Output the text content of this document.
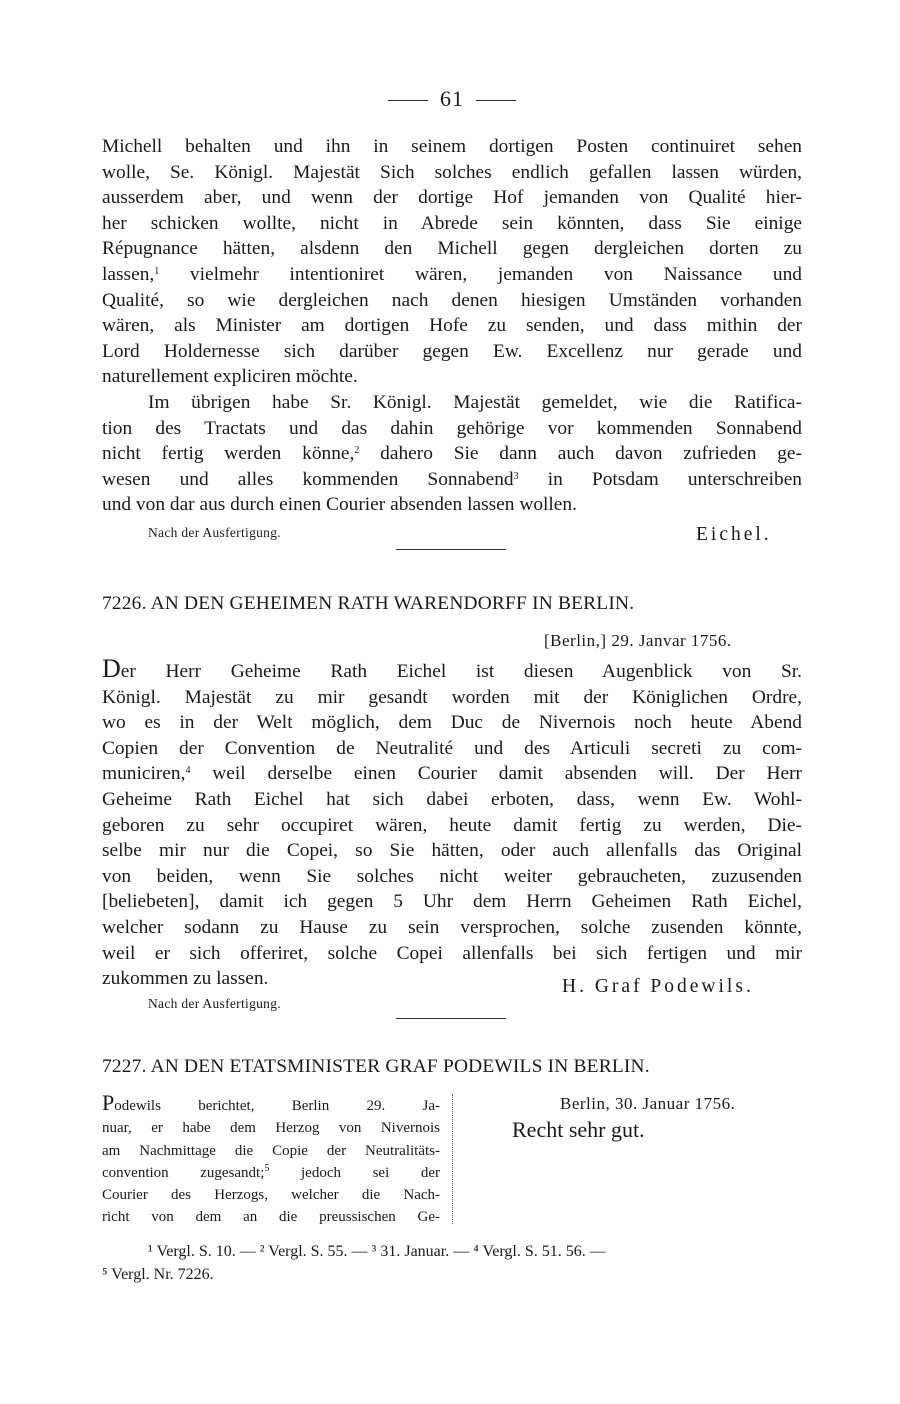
61
Michell behalten und ihn in seinem dortigen Posten continuiret sehen
wolle, Se. Königl. Majestät Sich solches endlich gefallen lassen würden,
ausserdem aber, und wenn der dortige Hof jemanden von Qualité hier-
her schicken wollte, nicht in Abrede sein könnten, dass Sie einige
Répugnance hätten, alsdenn den Michell gegen dergleichen dorten zu
lassen,$^1$ vielmehr intentioniret wären, jemanden von Naissance und
Qualité, so wie dergleichen nach denen hiesigen Umständen vorhanden
wären, als Minister am dortigen Hofe zu senden, und dass mithin der
Lord Holdernesse sich darüber gegen Ew. Excellenz nur gerade und
naturellement expliciren möchte.
Im übrigen habe Sr. Königl. Majestät gemeldet, wie die Ratifica-
tion des Tractats und das dahin gehörige vor kommenden Sonnabend
nicht fertig werden könne,$^2$ dahero Sie dann auch davon zufrieden ge-
wesen und alles kommenden Sonnabend$^3$ in Potsdam unterschreiben
und von dar aus durch einen Courier absenden lassen wollen.
Nach der Ausfertigung.	Eichel.
7226. AN DEN GEHEIMEN RATH WARENDORFF IN BERLIN.
[Berlin,] 29. Janvar 1756.
Der Herr Geheime Rath Eichel ist diesen Augenblick von Sr.
Königl. Majestät zu mir gesandt worden mit der Königlichen Ordre,
wo es in der Welt möglich, dem Duc de Nivernois noch heute Abend
Copien der Convention de Neutralité und des Articuli secreti zu com-
municiren,$^4$ weil derselbe einen Courier damit absenden will. Der Herr
Geheime Rath Eichel hat sich dabei erboten, dass, wenn Ew. Wohl-
geboren zu sehr occupiret wären, heute damit fertig zu werden, Die-
selbe mir nur die Copei, so Sie hätten, oder auch allenfalls das Original
von beiden, wenn Sie solches nicht weiter gebraucheten, zuzusenden
[beliebeten], damit ich gegen 5 Uhr dem Herrn Geheimen Rath Eichel,
welcher sodann zu Hause zu sein versprochen, solche zusenden könnte,
weil er sich offeriret, solche Copei allenfalls bei sich fertigen und mir
zukommen zu lassen.	H. Graf Podewils.
Nach der Ausfertigung.
7227. AN DEN ETATSMINISTER GRAF PODEWILS IN BERLIN.
Podewils berichtet, Berlin 29. Ja-
nuar, er habe dem Herzog von Nivernois
am Nachmittage die Copie der Neutralitäts-
convention zugesandt;$^5$ jedoch sei der
Courier des Herzogs, welcher die Nach-
richt von dem an die preussischen Ge-
Berlin, 30. Januar 1756.
Recht sehr gut.
¹ Vergl. S. 10. — ² Vergl. S. 55. — ³ 31. Januar. — ⁴ Vergl. S. 51. 56. —
⁵ Vergl. Nr. 7226.
